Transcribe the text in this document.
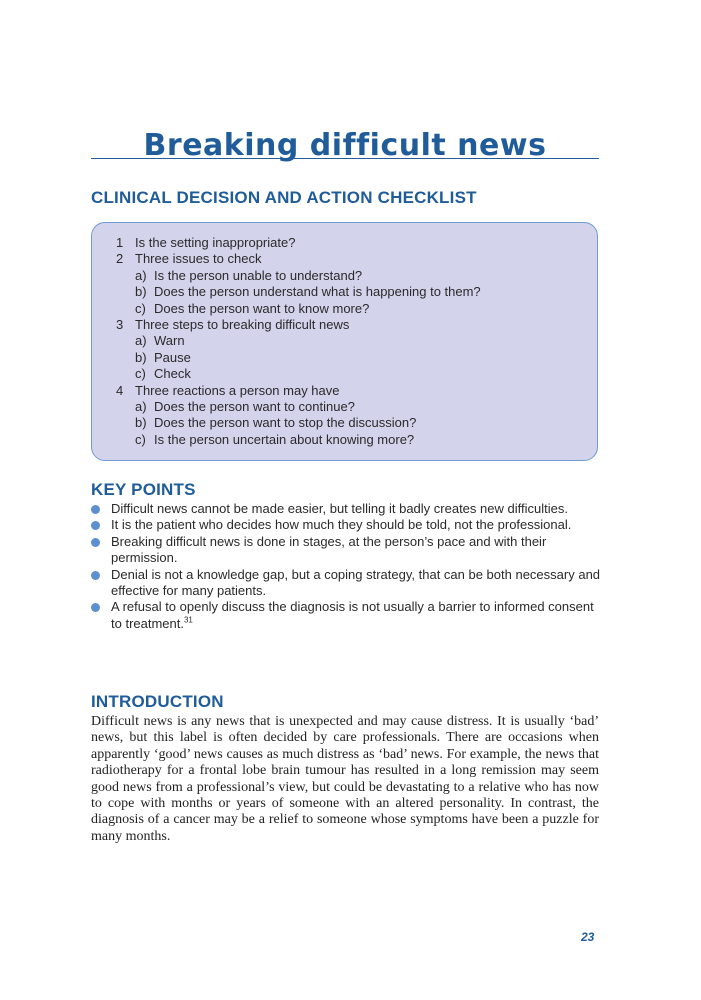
Breaking difficult news
CLINICAL DECISION AND ACTION CHECKLIST
1 Is the setting inappropriate?
2 Three issues to check
a) Is the person unable to understand?
b) Does the person understand what is happening to them?
c) Does the person want to know more?
3 Three steps to breaking difficult news
a) Warn
b) Pause
c) Check
4 Three reactions a person may have
a) Does the person want to continue?
b) Does the person want to stop the discussion?
c) Is the person uncertain about knowing more?
KEY POINTS
Difficult news cannot be made easier, but telling it badly creates new difficulties.
It is the patient who decides how much they should be told, not the professional.
Breaking difficult news is done in stages, at the person’s pace and with their permission.
Denial is not a knowledge gap, but a coping strategy, that can be both necessary and effective for many patients.
A refusal to openly discuss the diagnosis is not usually a barrier to informed consent to treatment.$^{31}$
INTRODUCTION
Difficult news is any news that is unexpected and may cause distress. It is usually ‘bad’ news, but this label is often decided by care professionals. There are occasions when apparently ‘good’ news causes as much distress as ‘bad’ news. For example, the news that radiotherapy for a frontal lobe brain tumour has resulted in a long remission may seem good news from a professional’s view, but could be devastating to a relative who has now to cope with months or years of someone with an altered personality. In contrast, the diagnosis of a cancer may be a relief to someone whose symptoms have been a puzzle for many months.
23
